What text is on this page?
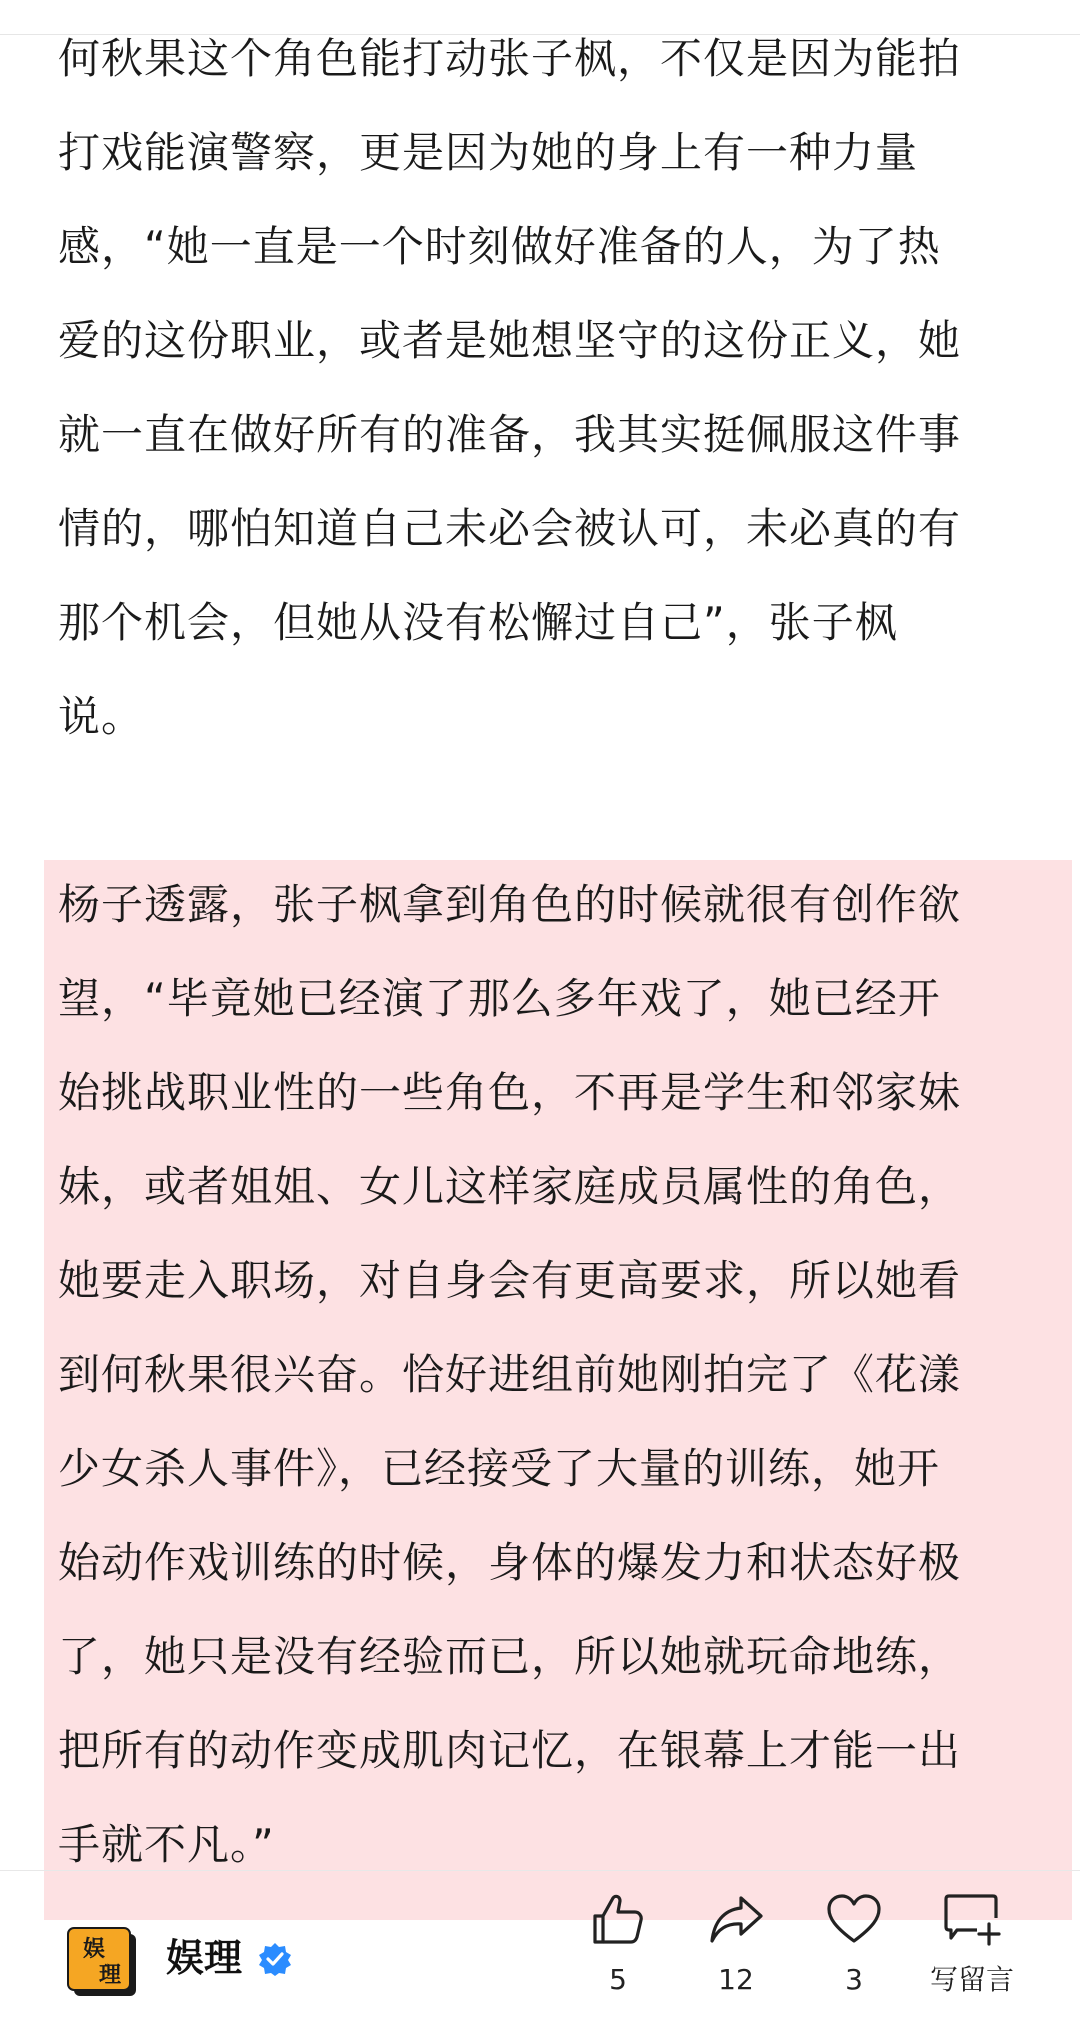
何秋果这个角色能打动张子枫，不仅是因为能拍
打戏能演警察，更是因为她的身上有一种力量
感，“她一直是一个时刻做好准备的人，为了热
爱的这份职业，或者是她想坚守的这份正义，她
就一直在做好所有的准备，我其实挺佩服这件事
情的，哪怕知道自己未必会被认可，未必真的有
那个机会，但她从没有松懈过自己”，张子枫
说。
杨子透露，张子枫拿到角色的时候就很有创作欲
望，“毕竟她已经演了那么多年戏了，她已经开
始挑战职业性的一些角色，不再是学生和邻家妹
妹，或者姐姐、女儿这样家庭成员属性的角色，
她要走入职场，对自身会有更高要求，所以她看
到何秋果很兴奋。恰好进组前她刚拍完了《花漾
少女杀人事件》，已经接受了大量的训练，她开
始动作戏训练的时候，身体的爆发力和状态好极
了，她只是没有经验而已，所以她就玩命地练，
把所有的动作变成肌肉记忆，在银幕上才能一出
手就不凡。”
娱
理 娱理	5	12	3	写留言
